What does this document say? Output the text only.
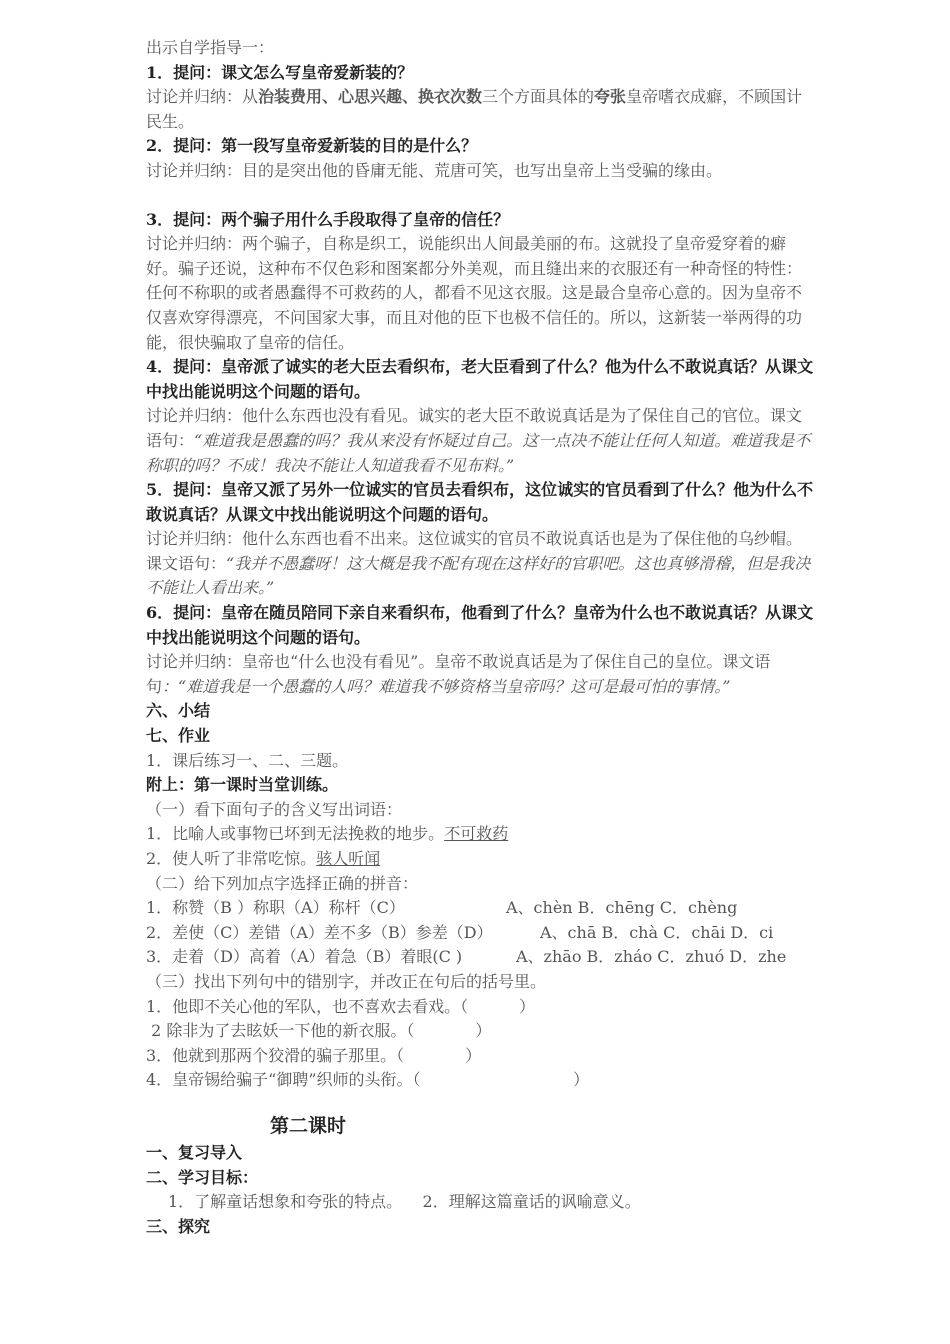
出示自学指导一：

1．提问：课文怎么写皇帝爱新装的？

讨论并归纳：从治装费用、心思兴趣、换衣次数三个方面具体的夸张皇帝嗜衣成癖，不顾国计民生。

2．提问：第一段写皇帝爱新装的目的是什么？

讨论并归纳：目的是突出他的昏庸无能、荒唐可笑，也写出皇帝上当受骗的缘由。

3．提问：两个骗子用什么手段取得了皇帝的信任？

讨论并归纳：两个骗子，自称是织工，说能织出人间最美丽的布。这就投了皇帝爱穿着的癖好。骗子还说，这种布不仅色彩和图案都分外美观，而且缝出来的衣服还有一种奇怪的特性：任何不称职的或者愚蠢得不可救药的人，都看不见这衣服。这是最合皇帝心意的。因为皇帝不仅喜欢穿得漂亮，不问国家大事，而且对他的臣下也极不信任的。所以，这新装一举两得的功能，很快骗取了皇帝的信任。

4．提问：皇帝派了诚实的老大臣去看织布，老大臣看到了什么？他为什么不敢说真话？从课文中找出能说明这个问题的语句。

讨论并归纳：他什么东西也没有看见。诚实的老大臣不敢说真话是为了保住自己的官位。课文语句：“难道我是愚蠢的吗？我从来没有怀疑过自己。这一点决不能让任何人知道。难道我是不称职的吗？不成！我决不能让人知道我看不见布料。”

5．提问：皇帝又派了另外一位诚实的官员去看织布，这位诚实的官员看到了什么？他为什么不敢说真话？从课文中找出能说明这个问题的语句。

讨论并归纳：他什么东西也看不出来。这位诚实的官员不敢说真话也是为了保住他的乌纱帽。课文语句：“我并不愚蠢呀！这大概是我不配有现在这样好的官职吧。这也真够滑稽，但是我决不能让人看出来。”

6．提问：皇帝在随员陪同下亲自来看织布，他看到了什么？皇帝为什么也不敢说真话？从课文中找出能说明这个问题的语句。

讨论并归纳：皇帝也“什么也没有看见”。皇帝不敢说真话是为了保住自己的皇位。课文语句：“难道我是一个愚蠢的人吗？难道我不够资格当皇帝吗？这可是最可怕的事情。”

六、小结

七、作业

1．课后练习一、二、三题。

附上：第一课时当堂训练。

（一）看下面句子的含义写出词语：

1．比喻人或事物已坏到无法挽救的地步。不可救药

2．使人听了非常吃惊。骇人听闻

（二）给下列加点字选择正确的拼音：

1．称赞（B ）称职（A）称杆（C）	A、chèn B．chēng C．chèng
2．差使（C）差错（A）差不多（B）参差（D）	A、chā B．chà C．chāi D．ci
3．走着（D）高着（A）着急（B）着眼(C )	A、zhāo B．zháo C．zhuó D．zhe

（三）找出下列句中的错别字，并改正在句后的括号里。

1．他即不关心他的军队，也不喜欢去看戏。（          ）

2 除非为了去眩妖一下他的新衣服。（            ）

3．他就到那两个狡滑的骗子那里。（            ）

4．皇帝锡给骗子“御聘”织师的头衔。（                              ）

第二课时

一、复习导入

二、学习目标：

1．了解童话想象和夸张的特点。    2．理解这篇童话的讽喻意义。

三、探究
